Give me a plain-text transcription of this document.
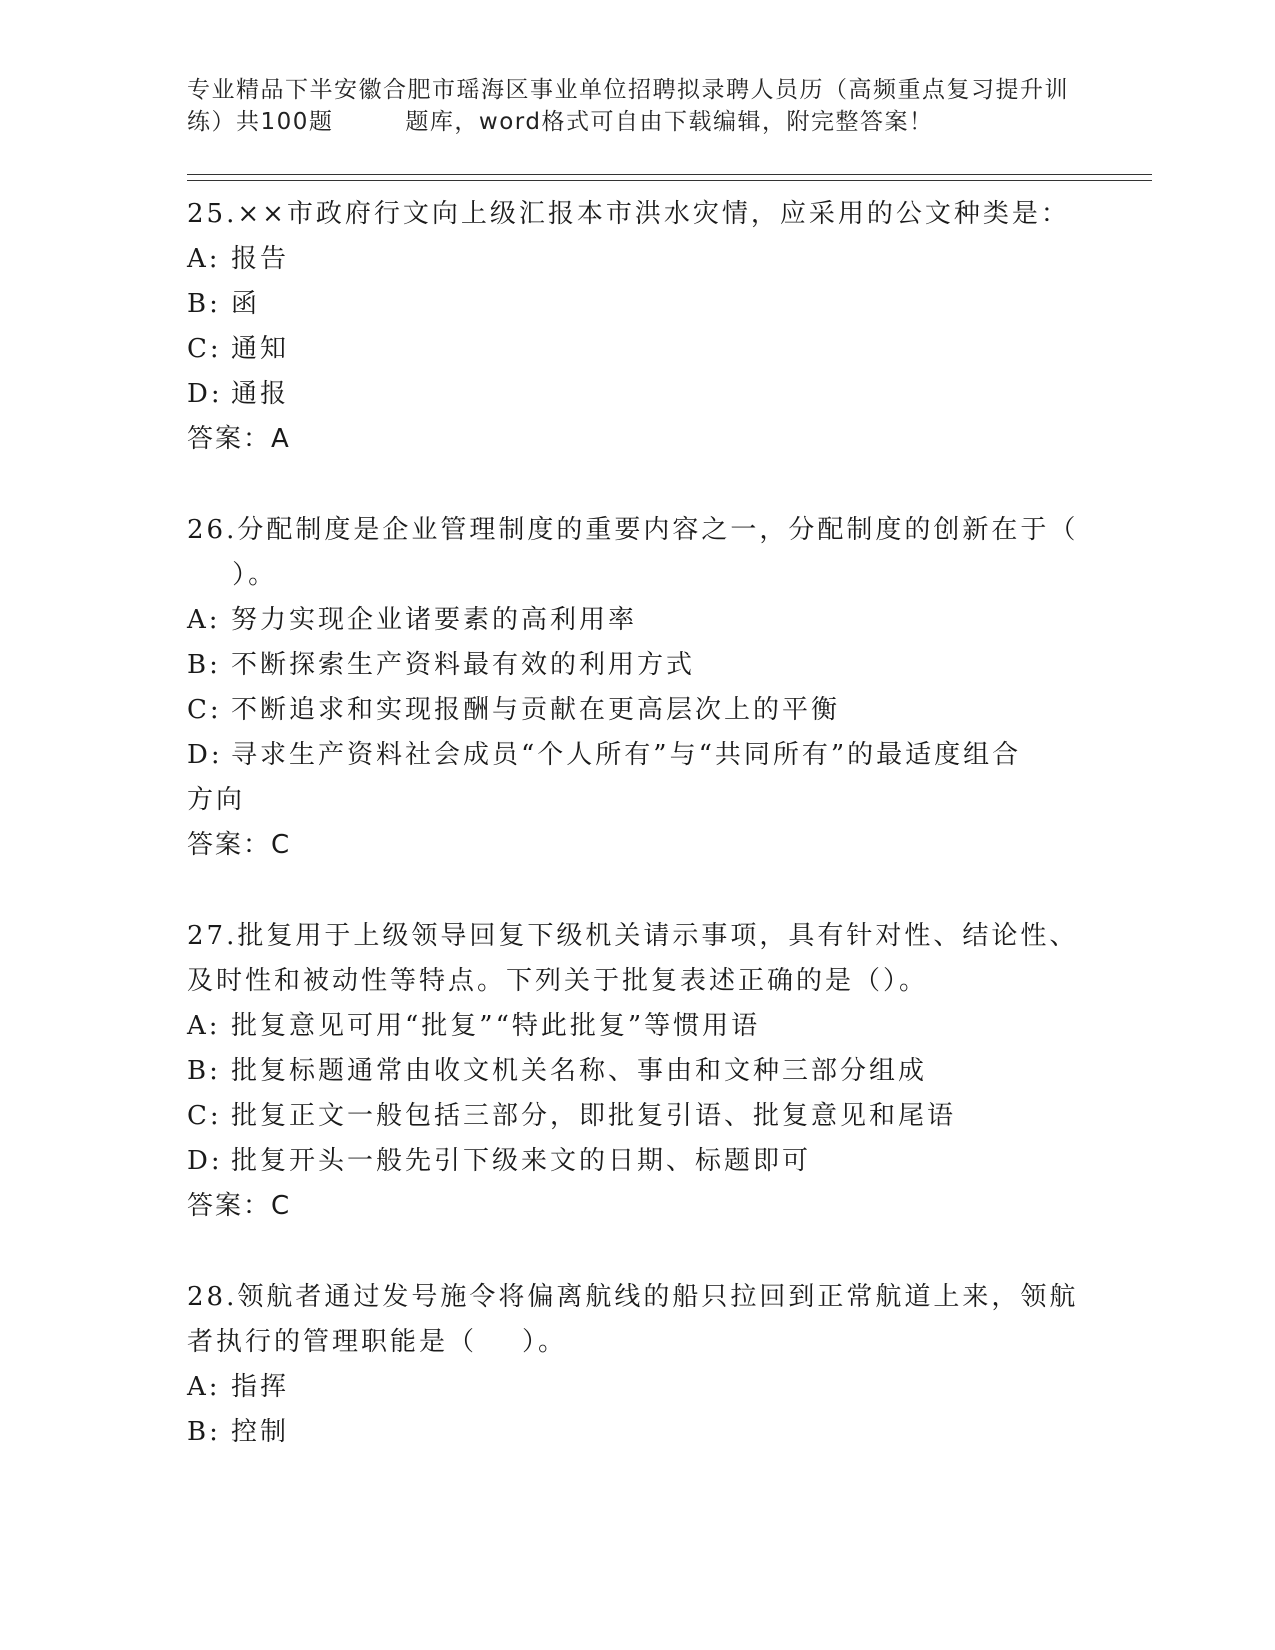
专业精品下半安徽合肥市瑶海区事业单位招聘拟录聘人员历（高频重点复习提升训
练）共100题	题库，word格式可自由下载编辑，附完整答案！

25.××市政府行文向上级汇报本市洪水灾情，应采用的公文种类是：

A: 报告

B: 函

C: 通知

D: 通报

答案：A

26.分配制度是企业管理制度的重要内容之一，分配制度的创新在于（

）。

A: 努力实现企业诸要素的高利用率

B: 不断探索生产资料最有效的利用方式

C: 不断追求和实现报酬与贡献在更高层次上的平衡

D: 寻求生产资料社会成员“个人所有”与“共同所有”的最适度组合

方向

答案：C

27.批复用于上级领导回复下级机关请示事项，具有针对性、结论性、

及时性和被动性等特点。下列关于批复表述正确的是（）。

A: 批复意见可用“批复”“特此批复”等惯用语

B: 批复标题通常由收文机关名称、事由和文种三部分组成

C: 批复正文一般包括三部分，即批复引语、批复意见和尾语

D: 批复开头一般先引下级来文的日期、标题即可

答案：C

28.领航者通过发号施令将偏离航线的船只拉回到正常航道上来，领航

者执行的管理职能是（    ）。

A: 指挥

B: 控制
